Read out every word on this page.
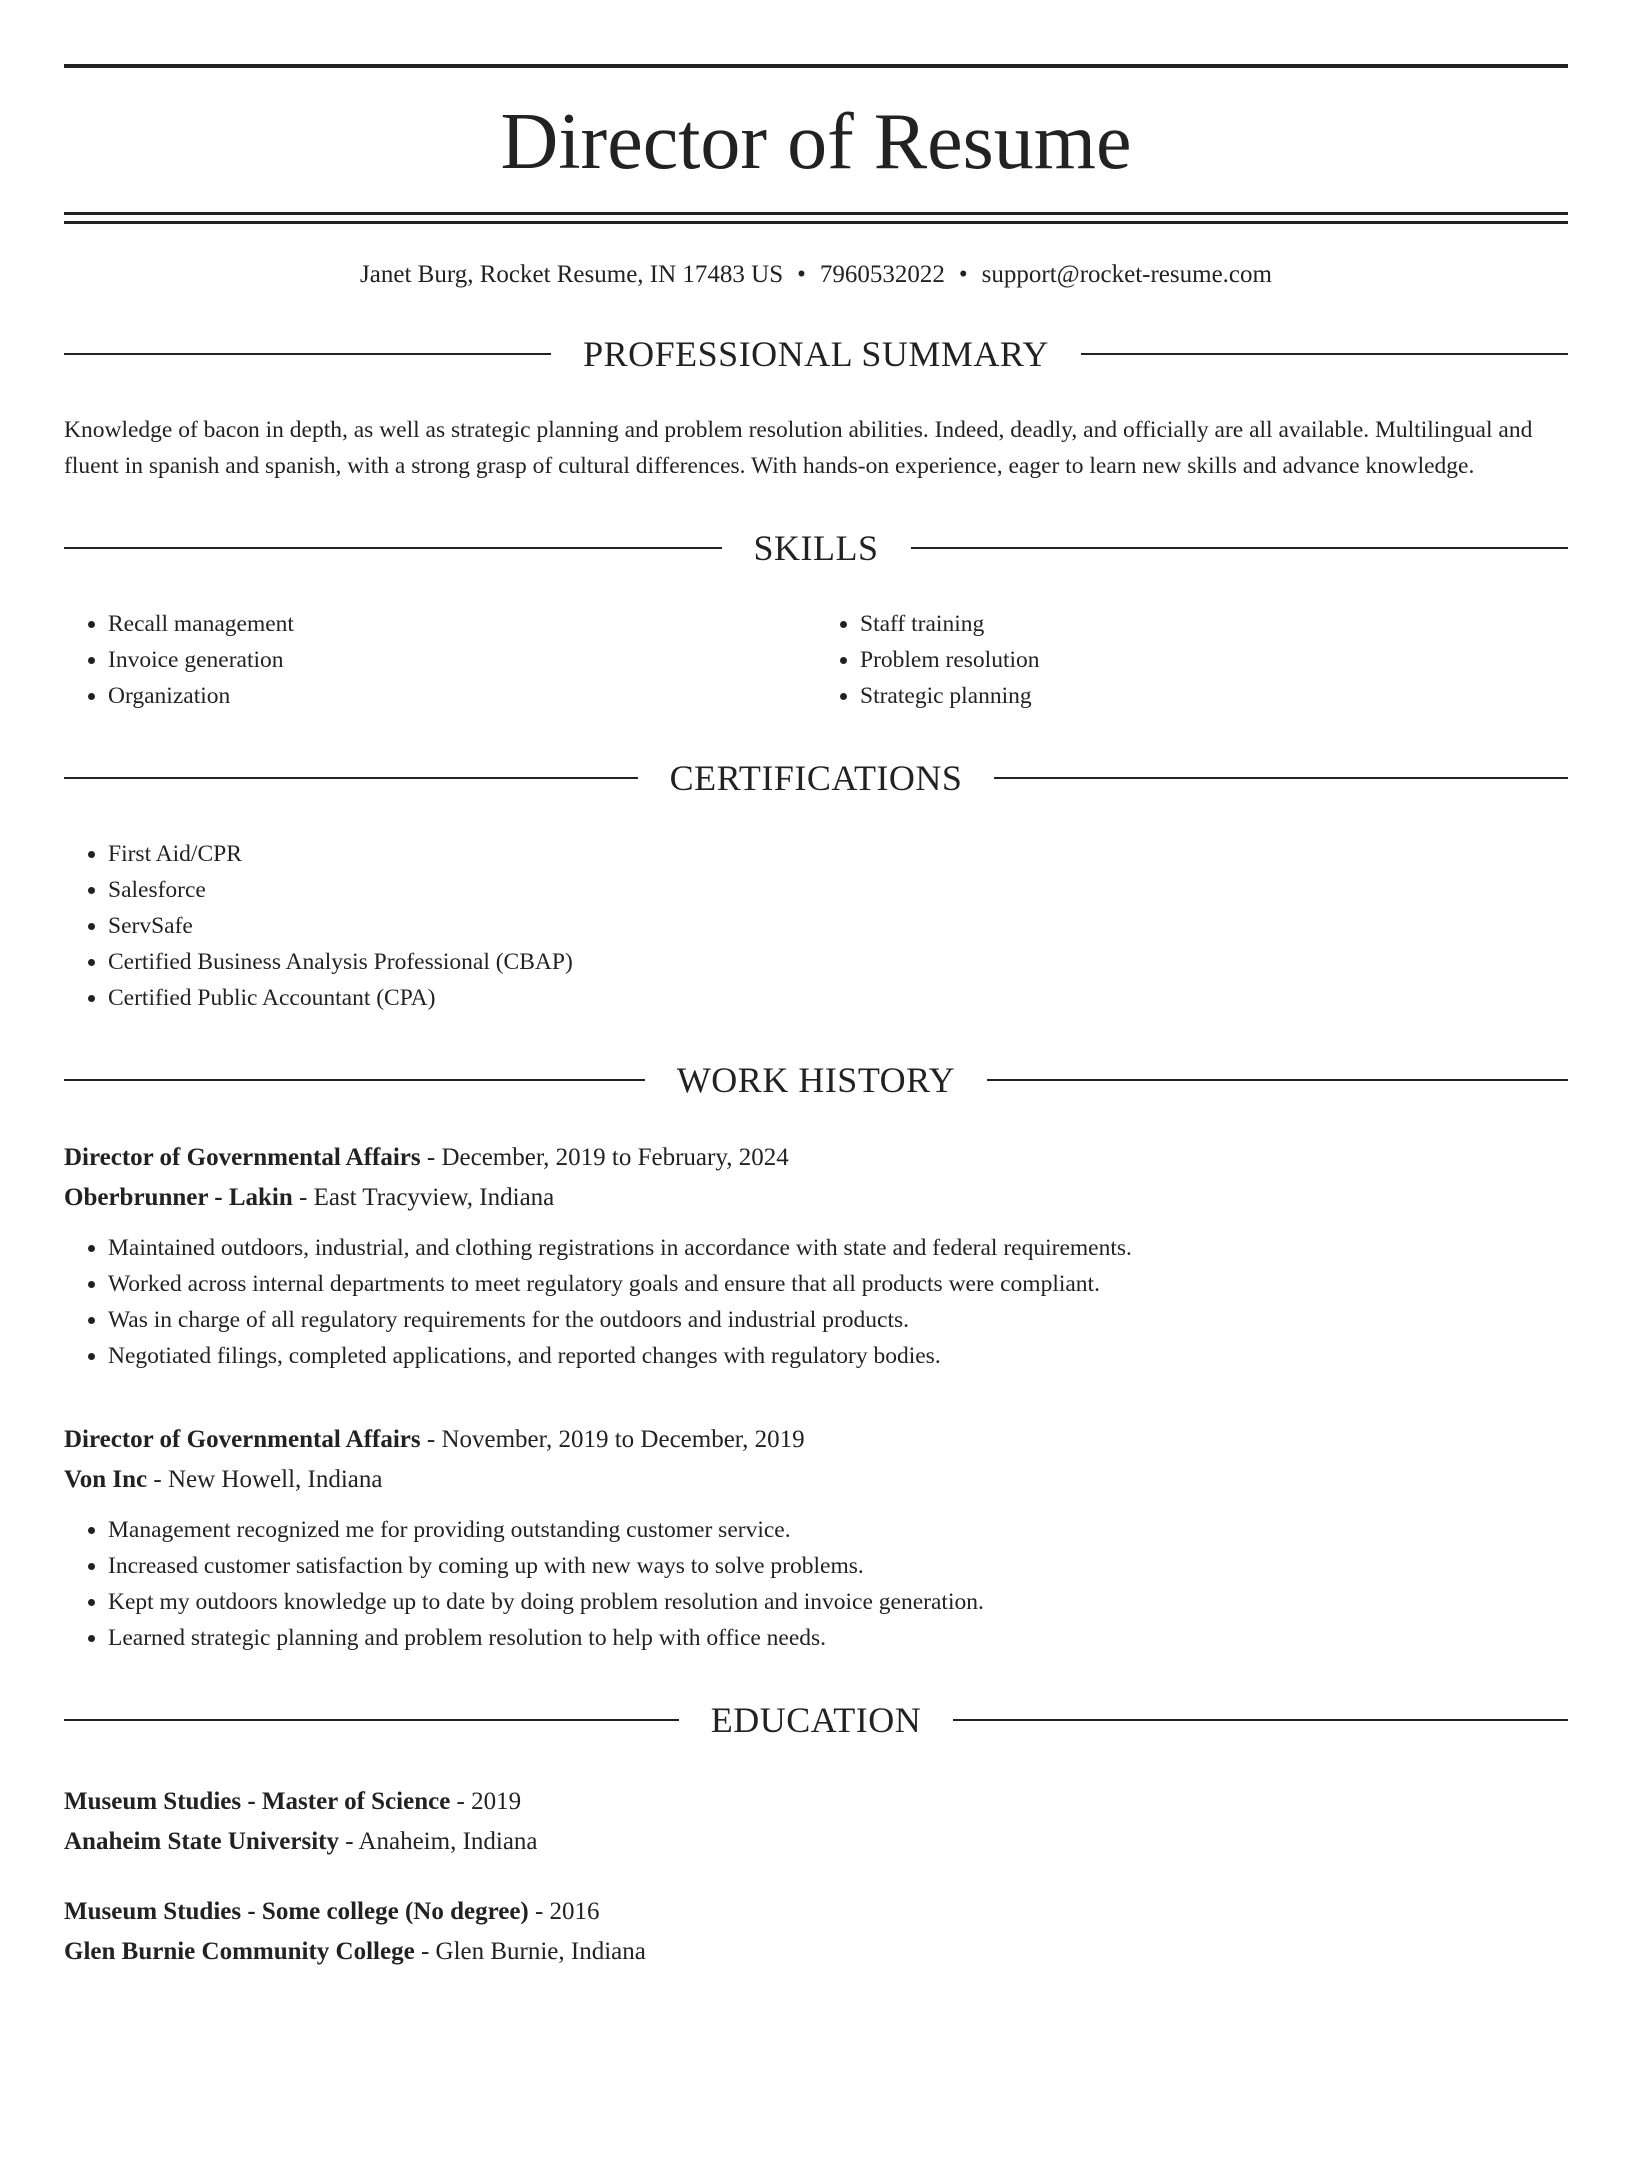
Director of Resume
Janet Burg, Rocket Resume, IN 17483 US • 7960532022 • support@rocket-resume.com
PROFESSIONAL SUMMARY
Knowledge of bacon in depth, as well as strategic planning and problem resolution abilities. Indeed, deadly, and officially are all available. Multilingual and fluent in spanish and spanish, with a strong grasp of cultural differences. With hands-on experience, eager to learn new skills and advance knowledge.
SKILLS
• Recall management
• Invoice generation
• Organization
• Staff training
• Problem resolution
• Strategic planning
CERTIFICATIONS
• First Aid/CPR
• Salesforce
• ServSafe
• Certified Business Analysis Professional (CBAP)
• Certified Public Accountant (CPA)
WORK HISTORY
Director of Governmental Affairs - December, 2019 to February, 2024
Oberbrunner - Lakin - East Tracyview, Indiana
• Maintained outdoors, industrial, and clothing registrations in accordance with state and federal requirements.
• Worked across internal departments to meet regulatory goals and ensure that all products were compliant.
• Was in charge of all regulatory requirements for the outdoors and industrial products.
• Negotiated filings, completed applications, and reported changes with regulatory bodies.
Director of Governmental Affairs - November, 2019 to December, 2019
Von Inc - New Howell, Indiana
• Management recognized me for providing outstanding customer service.
• Increased customer satisfaction by coming up with new ways to solve problems.
• Kept my outdoors knowledge up to date by doing problem resolution and invoice generation.
• Learned strategic planning and problem resolution to help with office needs.
EDUCATION
Museum Studies - Master of Science - 2019
Anaheim State University - Anaheim, Indiana
Museum Studies - Some college (No degree) - 2016
Glen Burnie Community College - Glen Burnie, Indiana
